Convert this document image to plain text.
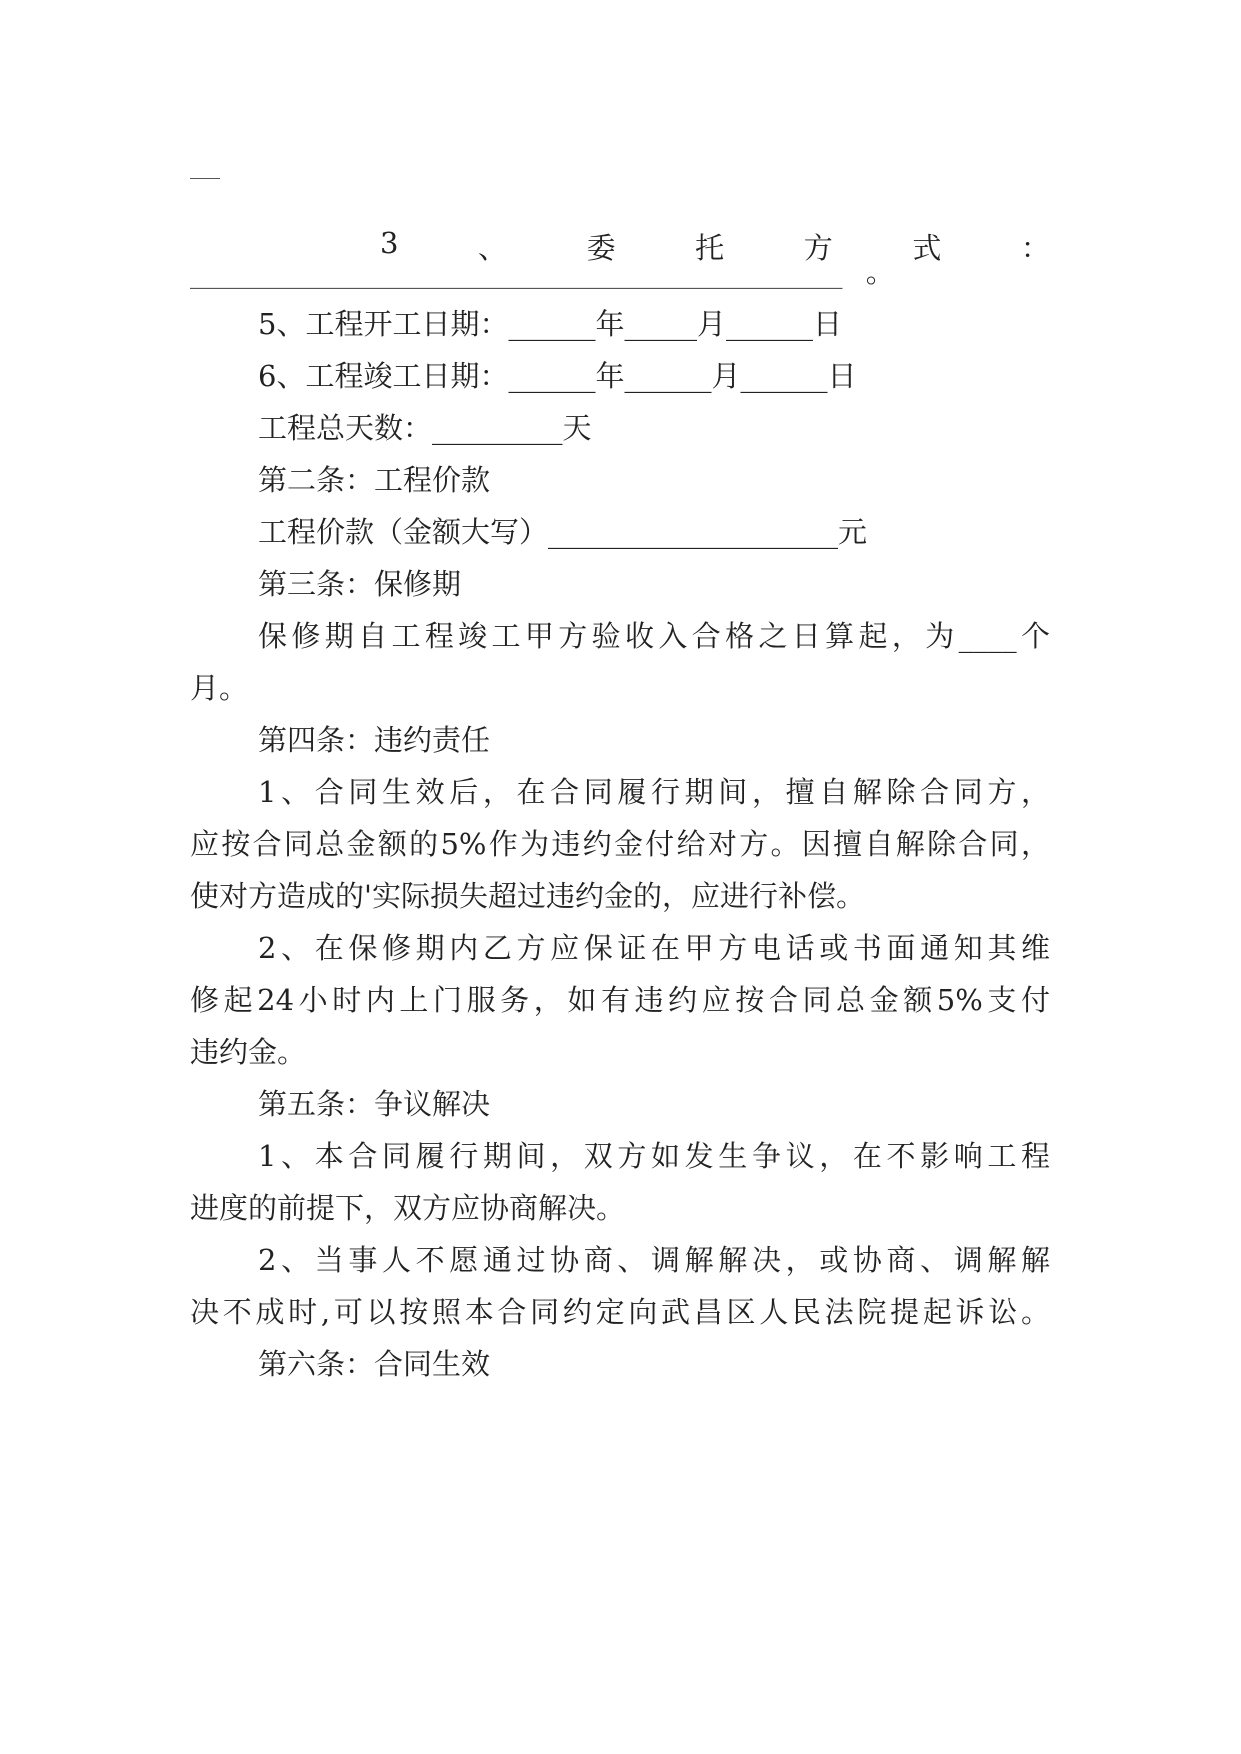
3	、	委	托	方	式	：
_____________________________________________ 。
5、工程开工日期：______年_____月______日
6、工程竣工日期：______年______月______日
工程总天数：_________天
第二条：工程价款
工程价款（金额大写）____________________元
第三条：保修期
保修期自工程竣工甲方验收入合格之日算起，为____个
月。
第四条：违约责任
1、合同生效后，在合同履行期间，擅自解除合同方，
应按合同总金额的5%作为违约金付给对方。因擅自解除合同，
使对方造成的'实际损失超过违约金的，应进行补偿。
2、在保修期内乙方应保证在甲方电话或书面通知其维
修起24小时内上门服务，如有违约应按合同总金额5%支付
违约金。
第五条：争议解决
1、本合同履行期间，双方如发生争议，在不影响工程
进度的前提下，双方应协商解决。
2、当事人不愿通过协商、调解解决，或协商、调解解
决不成时,可以按照本合同约定向武昌区人民法院提起诉讼。
第六条：合同生效
